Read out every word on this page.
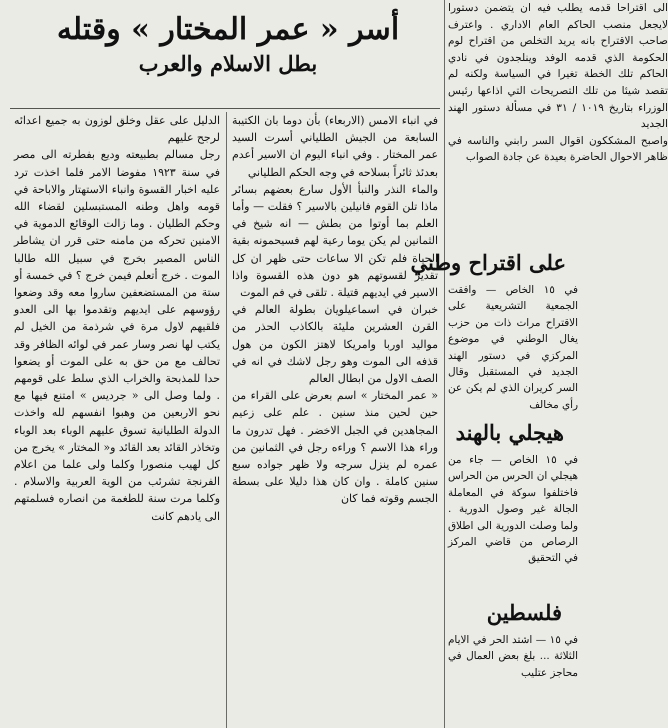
الى اقتراحا قدمه يطلب فيه ان يتضمن دستورا لايجعل منصب الحاكم العام الاداري . واعترف صاحب الاقتراح بانه يريد التخلص من اقتراح لوم الحكومة الذي قدمه الوفد وينلجدون في نادي الحاكم تلك الخطة تغيرا في السياسة ولكنه لم تقصد شيئا من تلك التصريحات التي اذاعها رئيس الوزراء بتاريخ ١٠١٩ / ٣١ في مسألة دستور الهند الجديد

واصبح المشككون اقوال السر رابني والناسه في ظاهر الاحوال الحاضرة بعيدة عن جادة الصواب

على اقتراح وطني

في ١٥ الخاص — وافقت الجمعية التشريعية على الاقتراح مرات ذات من حزب يغال الوطني في موضوع المركزي في دستور الهند الجديد في المستقبل وقال السر كريران الذي لم يكن عن رأي مخالف

هيجلي بالهند

في ١٥ الخاص — جاء من هيجلي ان الحرس من الحراس فاختلفوا سوكة في المعاملة الجالة غير وصول الدورية . ولما وصلت الدورية الى اطلاق الرصاص من قاضي المركز في التحقيق

فلسطين

في ١٥ — اشتد الحر في الايام الثلاثة ... بلغ بعض العمال في محاجز عتليب

أسر « عمر المختار » وقتله
بطل الاسلام والعرب

في انباء الامس (الاربعاء) بأن دوما بان الكتيبة السابعة من الجيش الطلياني أسرت السيد عمر المختار . وفي انباء اليوم ان الاسير أعدم بعدئذ ثائراً بسلاحه في وجه الحكم الطلياني

والماء النذر والنبأ الأول سارع بعضهم بسائر ماذا تلن القوم فانيلين بالاسير ؟ فقلت — وأما العلم بما أوتوا من بطش — انه شيخ في الثمانين لم يكن يوما رعية لهم فسيحمونه بقية الحياة فلم تكن الا ساعات حتى ظهر ان كل تقدير لقسوتهم هو دون هذه القسوة واذا الاسير في ايديهم قتيلة . تلقى في فم الموت

خبران في اسماعيلويان بطولة العالم في القرن العشرين مليئة بالكاذب الحذر من مواليد اوربا وامريكا لاهتز الكون من هول قذفه الى الموت وهو رجل لاشك في انه في الصف الاول من ابطال العالم

« عمر المختار » اسم بعرض على القراء من حين لحين منذ سنين . علم على زعيم المجاهدين في الجبل الاخضر . فهل تدرون ما وراء هذا الاسم ؟ وراءه رجل في الثمانين من عمره لم ينزل سرجه ولا ظهر جواده سبع سنين كاملة . وان كان هذا دليلا على بسطة الجسم وقوته فما كان

الدليل على عقل وخلق لوزون به جميع اعدائه لرجح عليهم

رجل مسالم بطبيعته وديع بفطرته الى مصر في سنة ١٩٢٣ مفوضا الامر فلما اخذت ترد عليه اخبار القسوة وانباء الاستهتار والاباحة في قومه واهل وطنه المستبسلين لقضاء الله وحكم الطليان . وما زالت الوقائع الدموية في الامنين تحركه من مامنه حتى قرر ان يشاطر الناس المصير بخرج في سبيل الله طالبا الموت . خرج أتعلم فيمن خرج ؟ في خمسة أو ستة من المستضعفين ساروا معه وقد وضعوا رؤوسهم على ايديهم وتقدموا بها الى العدو فلقيهم لاول مرة في شرذمة من الخيل لم يكتب لها نصر وسار عمر في لوائه الظافر وقد تحالف مع من حق به على الموت أو يضعوا حدا للمذبحة والخراب الذي سلط على قومهم . ولما وصل الى « جرديس » امتنع فيها مع نحو الاربعين من وهبوا انفسهم لله واخذت الدولة الطليانية تسوق عليهم الوباء بعد الوباء وتخاذر القائد بعد القائد و« المختار » يخرج من كل لهيب منصورا وكلما ولى علما من اعلام الفرنجة تشرئب من الوية العربية والاسلام . وكلما مرت سنة للطغمة من انصاره فسلمتهم الى يادهم كانت
